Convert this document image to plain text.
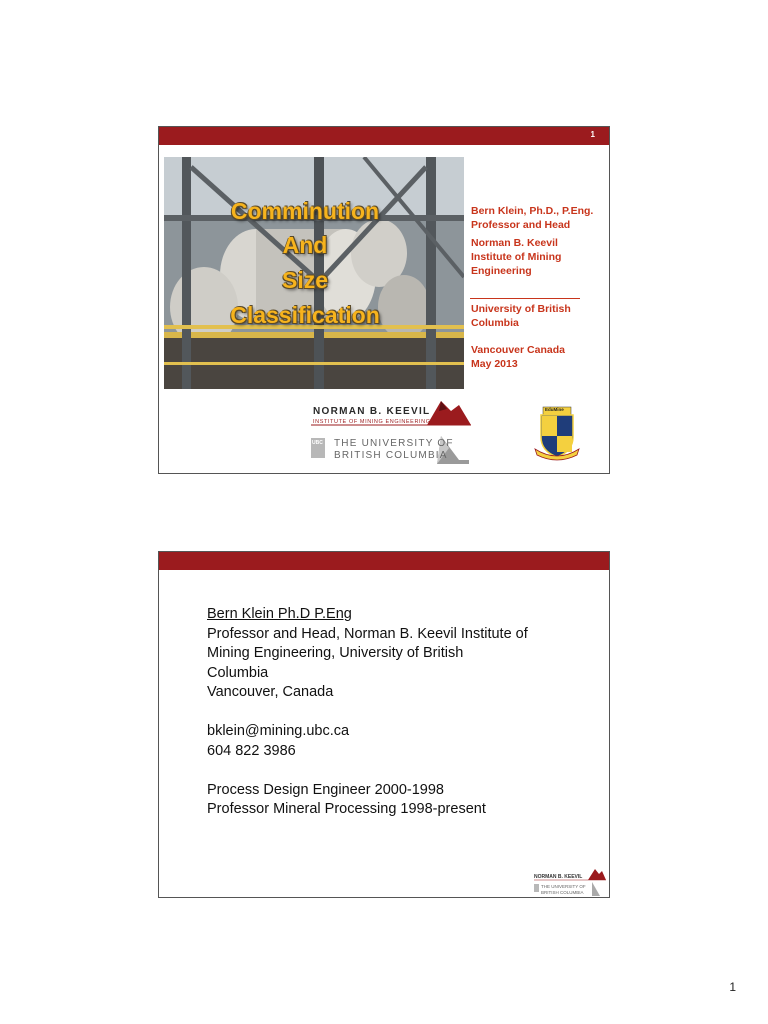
1
Comminution
And
Size
Classification
Bern Klein, Ph.D., P.Eng.
Professor and Head
Norman B. Keevil
Institute of Mining
Engineering
University of British
Columbia
Vancouver Canada
May 2013
NORMAN B. KEEVIL
INSTITUTE OF MINING ENGINEERING
UBC THE UNIVERSITY OF
BRITISH COLUMBIA
EduMine
Bern Klein Ph.D P.Eng
Professor and Head, Norman B. Keevil Institute of
Mining Engineering, University of British
Columbia
Vancouver, Canada
bklein@mining.ubc.ca
604 822 3986
Process Design Engineer 2000-1998
Professor Mineral Processing 1998-present
NORMAN B. KEEVIL
THE UNIVERSITY OF
BRITISH COLUMBIA
1
